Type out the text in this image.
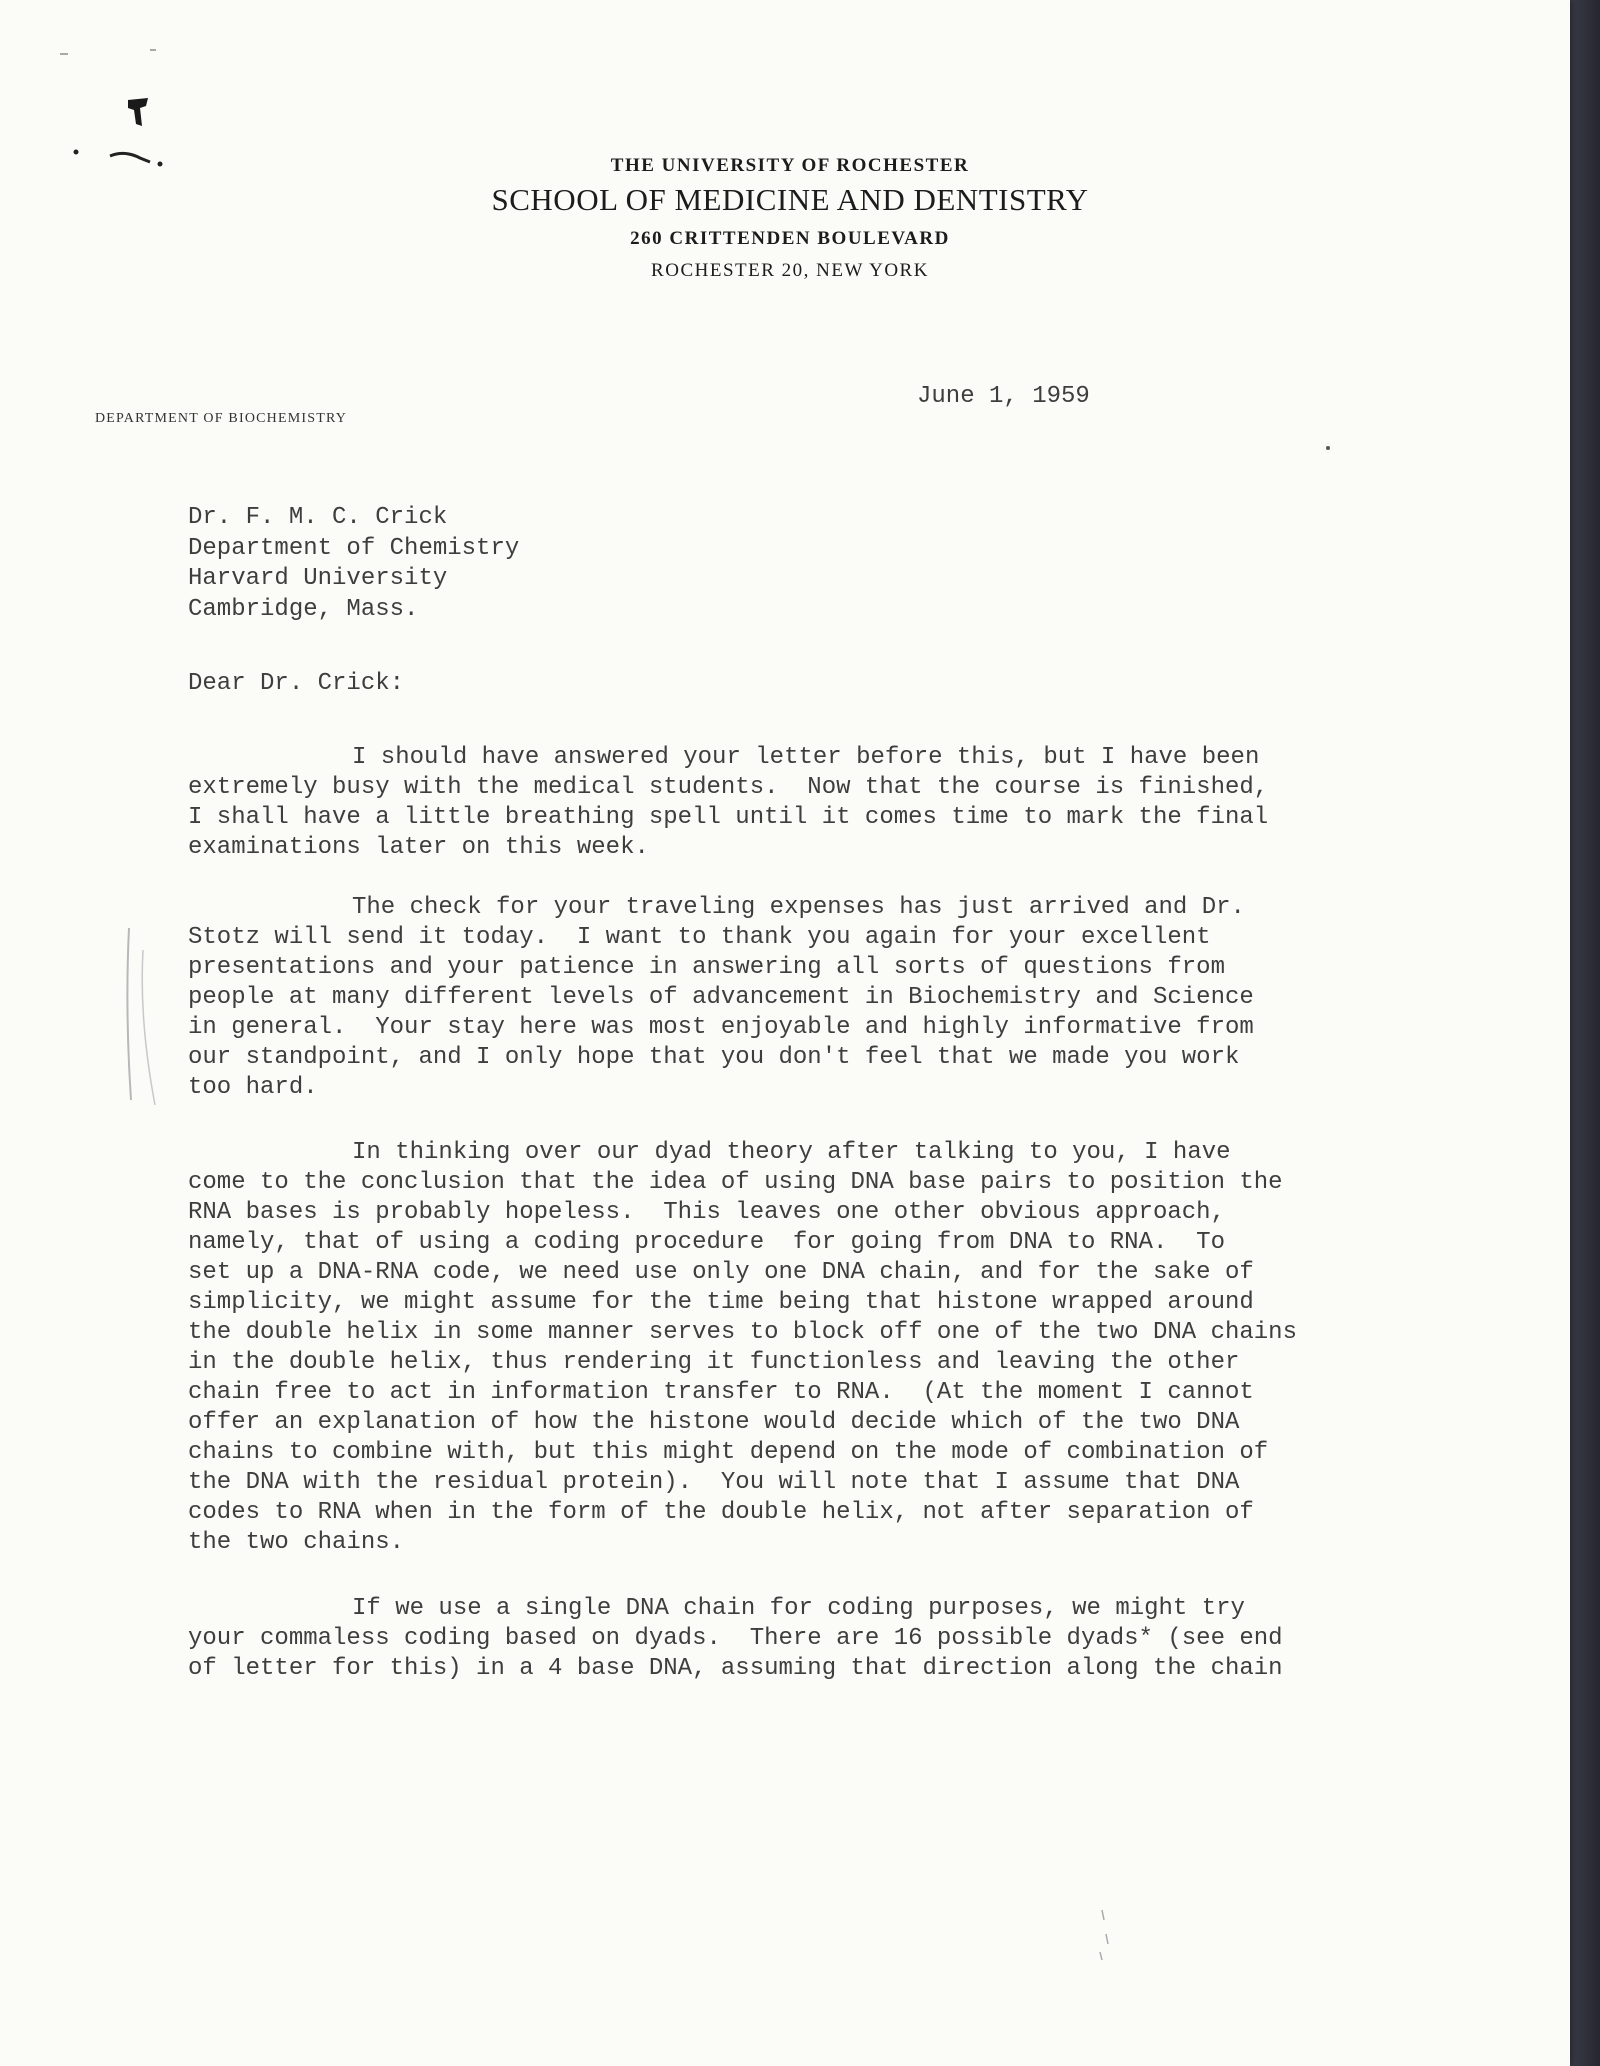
THE UNIVERSITY OF ROCHESTER
SCHOOL OF MEDICINE AND DENTISTRY
260 CRITTENDEN BOULEVARD
ROCHESTER 20, NEW YORK
DEPARTMENT OF BIOCHEMISTRY
June 1, 1959
Dr. F. M. C. Crick
Department of Chemistry
Harvard University
Cambridge, Mass.
Dear Dr. Crick:
I should have answered your letter before this, but I have been
extremely busy with the medical students.  Now that the course is finished,
I shall have a little breathing spell until it comes time to mark the final
examinations later on this week.
The check for your traveling expenses has just arrived and Dr.
Stotz will send it today.  I want to thank you again for your excellent
presentations and your patience in answering all sorts of questions from
people at many different levels of advancement in Biochemistry and Science
in general.  Your stay here was most enjoyable and highly informative from
our standpoint, and I only hope that you don't feel that we made you work
too hard.
In thinking over our dyad theory after talking to you, I have
come to the conclusion that the idea of using DNA base pairs to position the
RNA bases is probably hopeless.  This leaves one other obvious approach,
namely, that of using a coding procedure  for going from DNA to RNA.  To
set up a DNA-RNA code, we need use only one DNA chain, and for the sake of
simplicity, we might assume for the time being that histone wrapped around
the double helix in some manner serves to block off one of the two DNA chains
in the double helix, thus rendering it functionless and leaving the other
chain free to act in information transfer to RNA.  (At the moment I cannot
offer an explanation of how the histone would decide which of the two DNA
chains to combine with, but this might depend on the mode of combination of
the DNA with the residual protein).  You will note that I assume that DNA
codes to RNA when in the form of the double helix, not after separation of
the two chains.
If we use a single DNA chain for coding purposes, we might try
your commaless coding based on dyads.  There are 16 possible dyads* (see end
of letter for this) in a 4 base DNA, assuming that direction along the chain
